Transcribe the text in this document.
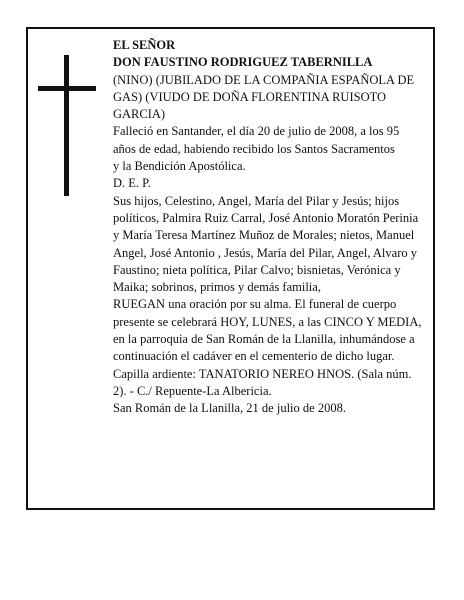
EL SEÑOR

DON FAUSTINO RODRIGUEZ TABERNILLA

(NINO) (JUBILADO DE LA COMPAÑIA ESPAÑOLA DE GAS) (VIUDO DE DOÑA FLORENTINA RUISOTO GARCIA)

Falleció en Santander, el día 20 de julio de 2008, a los 95 años de edad, habiendo recibido los Santos Sacramentos

y la Bendición Apostólica.

D. E. P.

Sus hijos, Celestino, Angel, María del Pilar y Jesús; hijos políticos, Palmira Ruiz Carral, José Antonio Moratón Perinia y María Teresa Martínez Muñoz de Morales; nietos, Manuel Angel, José Antonio , Jesús, María del Pilar, Angel, Alvaro y Faustino; nieta política, Pilar Calvo; bisnietas, Verónica y Maika; sobrinos, primos y demás familia,

RUEGAN una oración por su alma. El funeral de cuerpo presente se celebrará HOY, LUNES, a las CINCO Y MEDIA, en la parroquia de San Román de la Llanilla, inhumándose a continuación el cadáver en el cementerio de dicho lugar. Capilla ardiente: TANATORIO NEREO HNOS. (Sala núm. 2). - C./ Repuente-La Albericia.

San Román de la Llanilla, 21 de julio de 2008.
